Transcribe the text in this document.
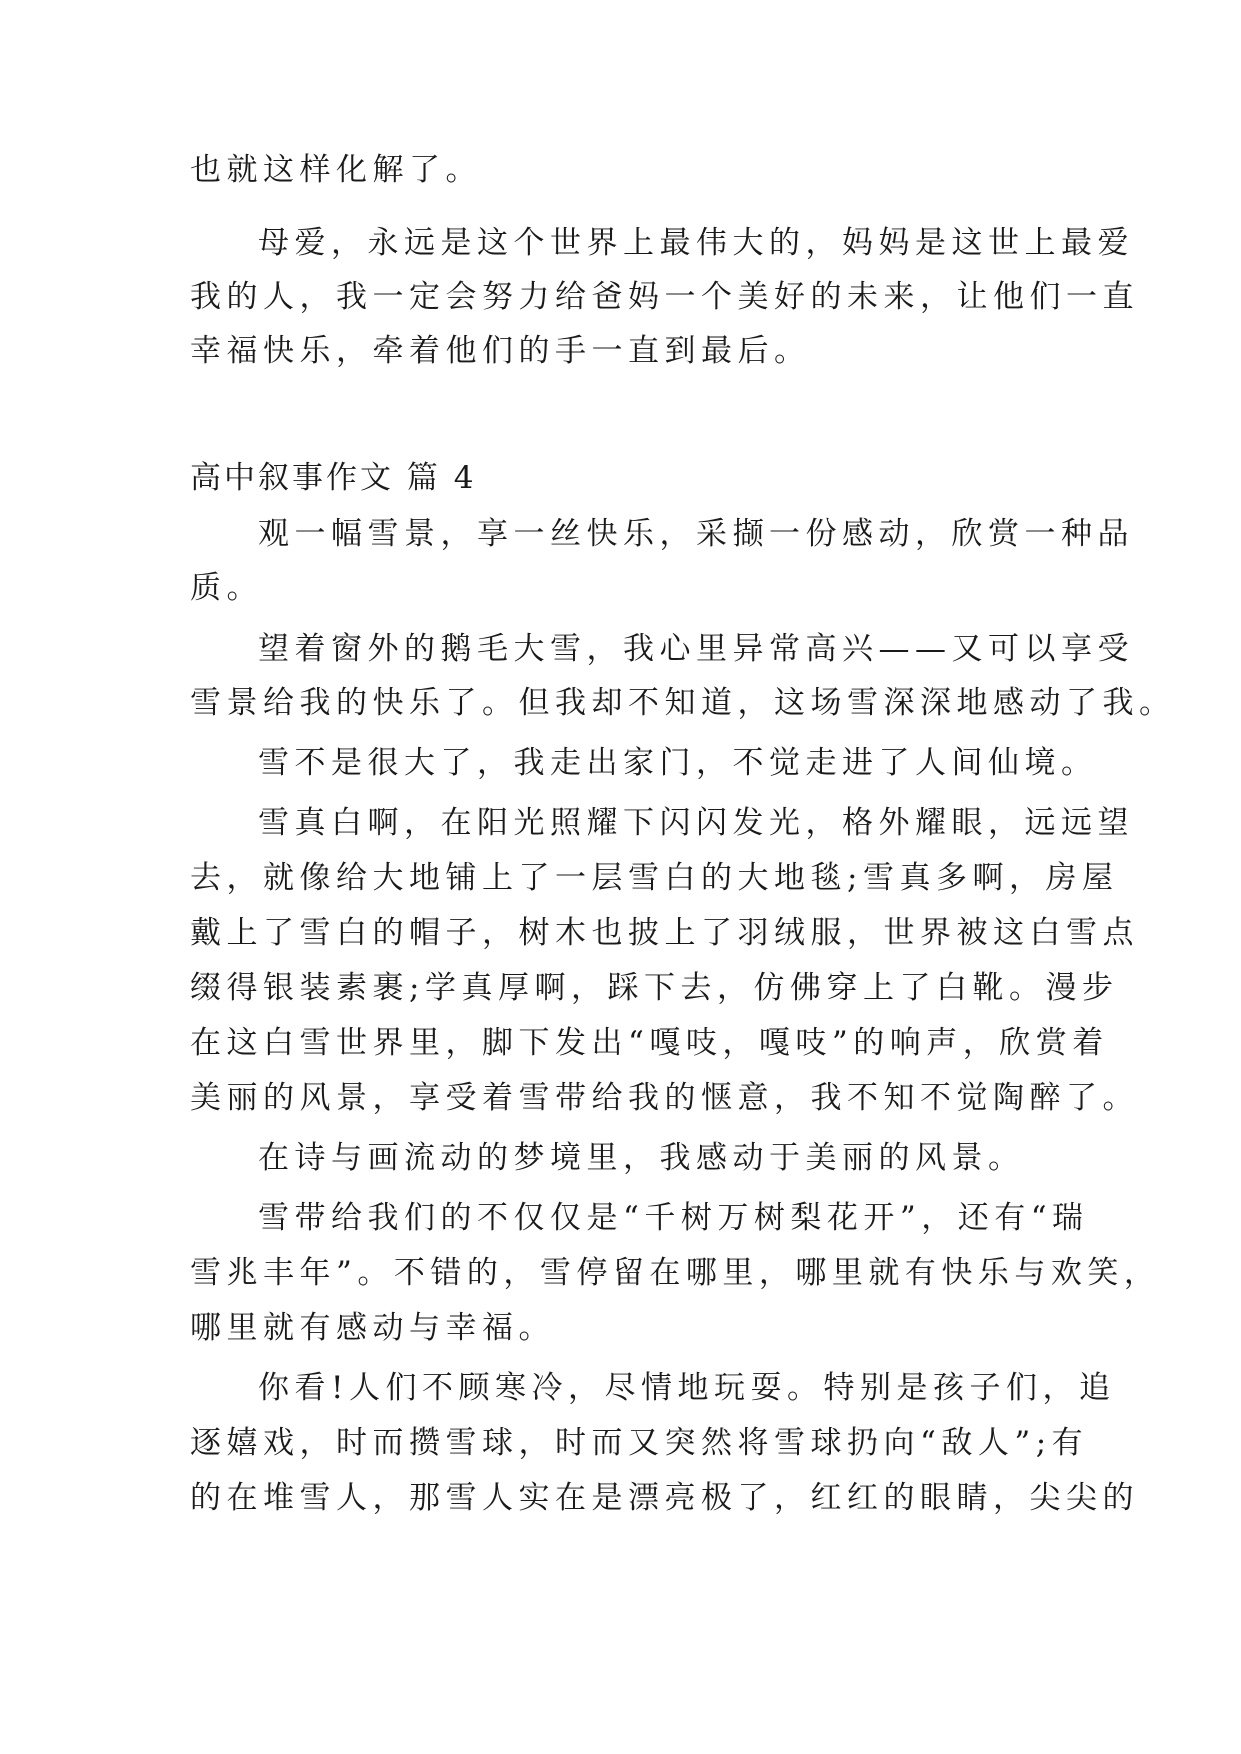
也就这样化解了。
母爱，永远是这个世界上最伟大的，妈妈是这世上最爱
我的人，我一定会努力给爸妈一个美好的未来，让他们一直
幸福快乐，牵着他们的手一直到最后。
高中叙事作文 篇 4
观一幅雪景，享一丝快乐，采撷一份感动，欣赏一种品
质。
望着窗外的鹅毛大雪，我心里异常高兴——又可以享受
雪景给我的快乐了。但我却不知道，这场雪深深地感动了我。
雪不是很大了，我走出家门，不觉走进了人间仙境。
雪真白啊，在阳光照耀下闪闪发光，格外耀眼，远远望
去，就像给大地铺上了一层雪白的大地毯;雪真多啊，房屋
戴上了雪白的帽子，树木也披上了羽绒服，世界被这白雪点
缀得银装素裹;学真厚啊，踩下去，仿佛穿上了白靴。漫步
在这白雪世界里，脚下发出“嘎吱，嘎吱”的响声，欣赏着
美丽的风景，享受着雪带给我的惬意，我不知不觉陶醉了。
在诗与画流动的梦境里，我感动于美丽的风景。
雪带给我们的不仅仅是“千树万树梨花开”，还有“瑞
雪兆丰年”。不错的，雪停留在哪里，哪里就有快乐与欢笑，
哪里就有感动与幸福。
你看!人们不顾寒冷，尽情地玩耍。特别是孩子们，追
逐嬉戏，时而攒雪球，时而又突然将雪球扔向“敌人”;有
的在堆雪人，那雪人实在是漂亮极了，红红的眼睛，尖尖的
